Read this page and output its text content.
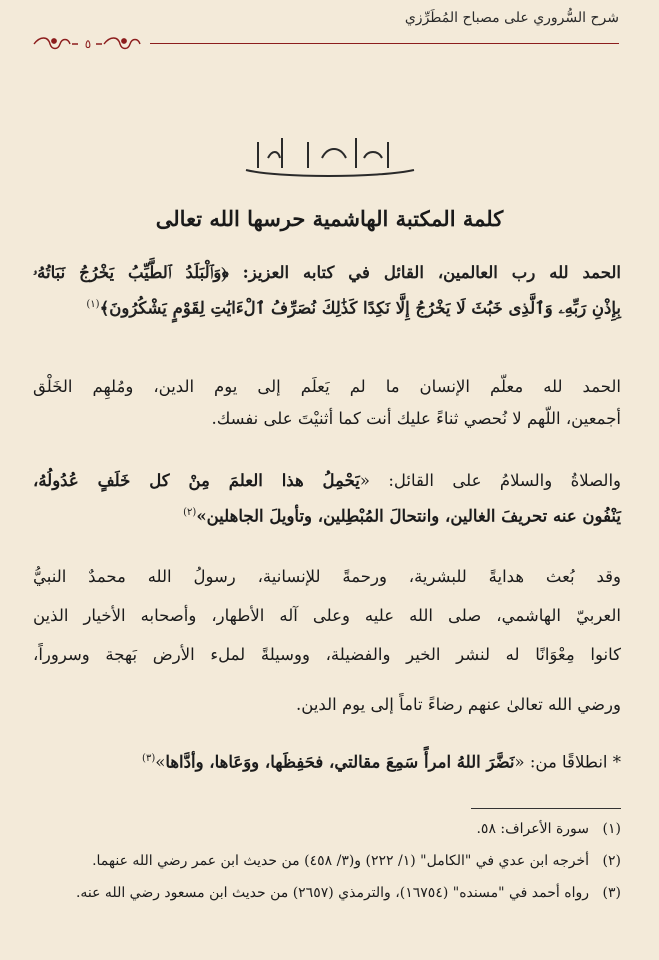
شرح السُّروري على مصباح المُطَرِّزي
٥
كلمة المكتبة الهاشمية حرسها الله تعالى
الحمد لله رب العالمين، القائل في كتابه العزيز: ﴿وَٱلْبَلَدُ ٱلطَّيِّبُ يَخْرُجُ نَبَاتُهُۥ
بِإِذْنِ رَبِّهِۦ وَٱلَّذِى خَبُثَ لَا يَخْرُجُ إِلَّا نَكِدًا كَذَٰلِكَ نُصَرِّفُ ٱلْءَايَٰتِ لِقَوْمٍ يَشْكُرُونَ﴾$^{(١)}$
الحمد لله معلّم الإنسان ما لم يَعلَم إلى يوم الدين، ومُلهِم الخَلْق
أجمعين، اللّهم لا نُحصي ثناءً عليك أنت كما أثنيْتَ على نفسك.
والصلاةُ والسلامُ على القائل: «يَحْمِلُ هذا العلمَ مِنْ كل خَلَفٍ عُدُولُهُ،
يَنْفُون عنه تحريفَ الغالين، وانتحالَ المُبْطِلين، وتأويلَ الجاهلين»$^{(٢)}$
وقد بُعث هدايةً للبشرية، ورحمةً للإنسانية، رسولُ الله محمدٌ النبيُّ
العربيّ الهاشمي، صلى الله عليه وعلى آله الأطهار، وأصحابه الأخيار الذين
كانوا مِعْوَانًا له لنشر الخير والفضيلة، ووسيلةً لملء الأرض بَهجة وسروراً،
ورضي الله تعالىٰ عنهم رضاءً تاماً إلى يوم الدين.
* انطلاقًا من: «نَضَّرَ اللهُ امرأً سَمِعَ مقالتي، فحَفِظَها، ووَعَاها، وأدَّاها»$^{(٣)}$
(١)سورة الأعراف: ٥٨.
(٢)أخرجه ابن عدي في "الكامل" (١/ ٢٢٢) و(٣/ ٤٥٨) من حديث ابن عمر رضي الله عنهما.
(٣)رواه أحمد في "مسنده" (١٦٧٥٤)، والترمذي (٢٦٥٧) من حديث ابن مسعود رضي الله عنه.
